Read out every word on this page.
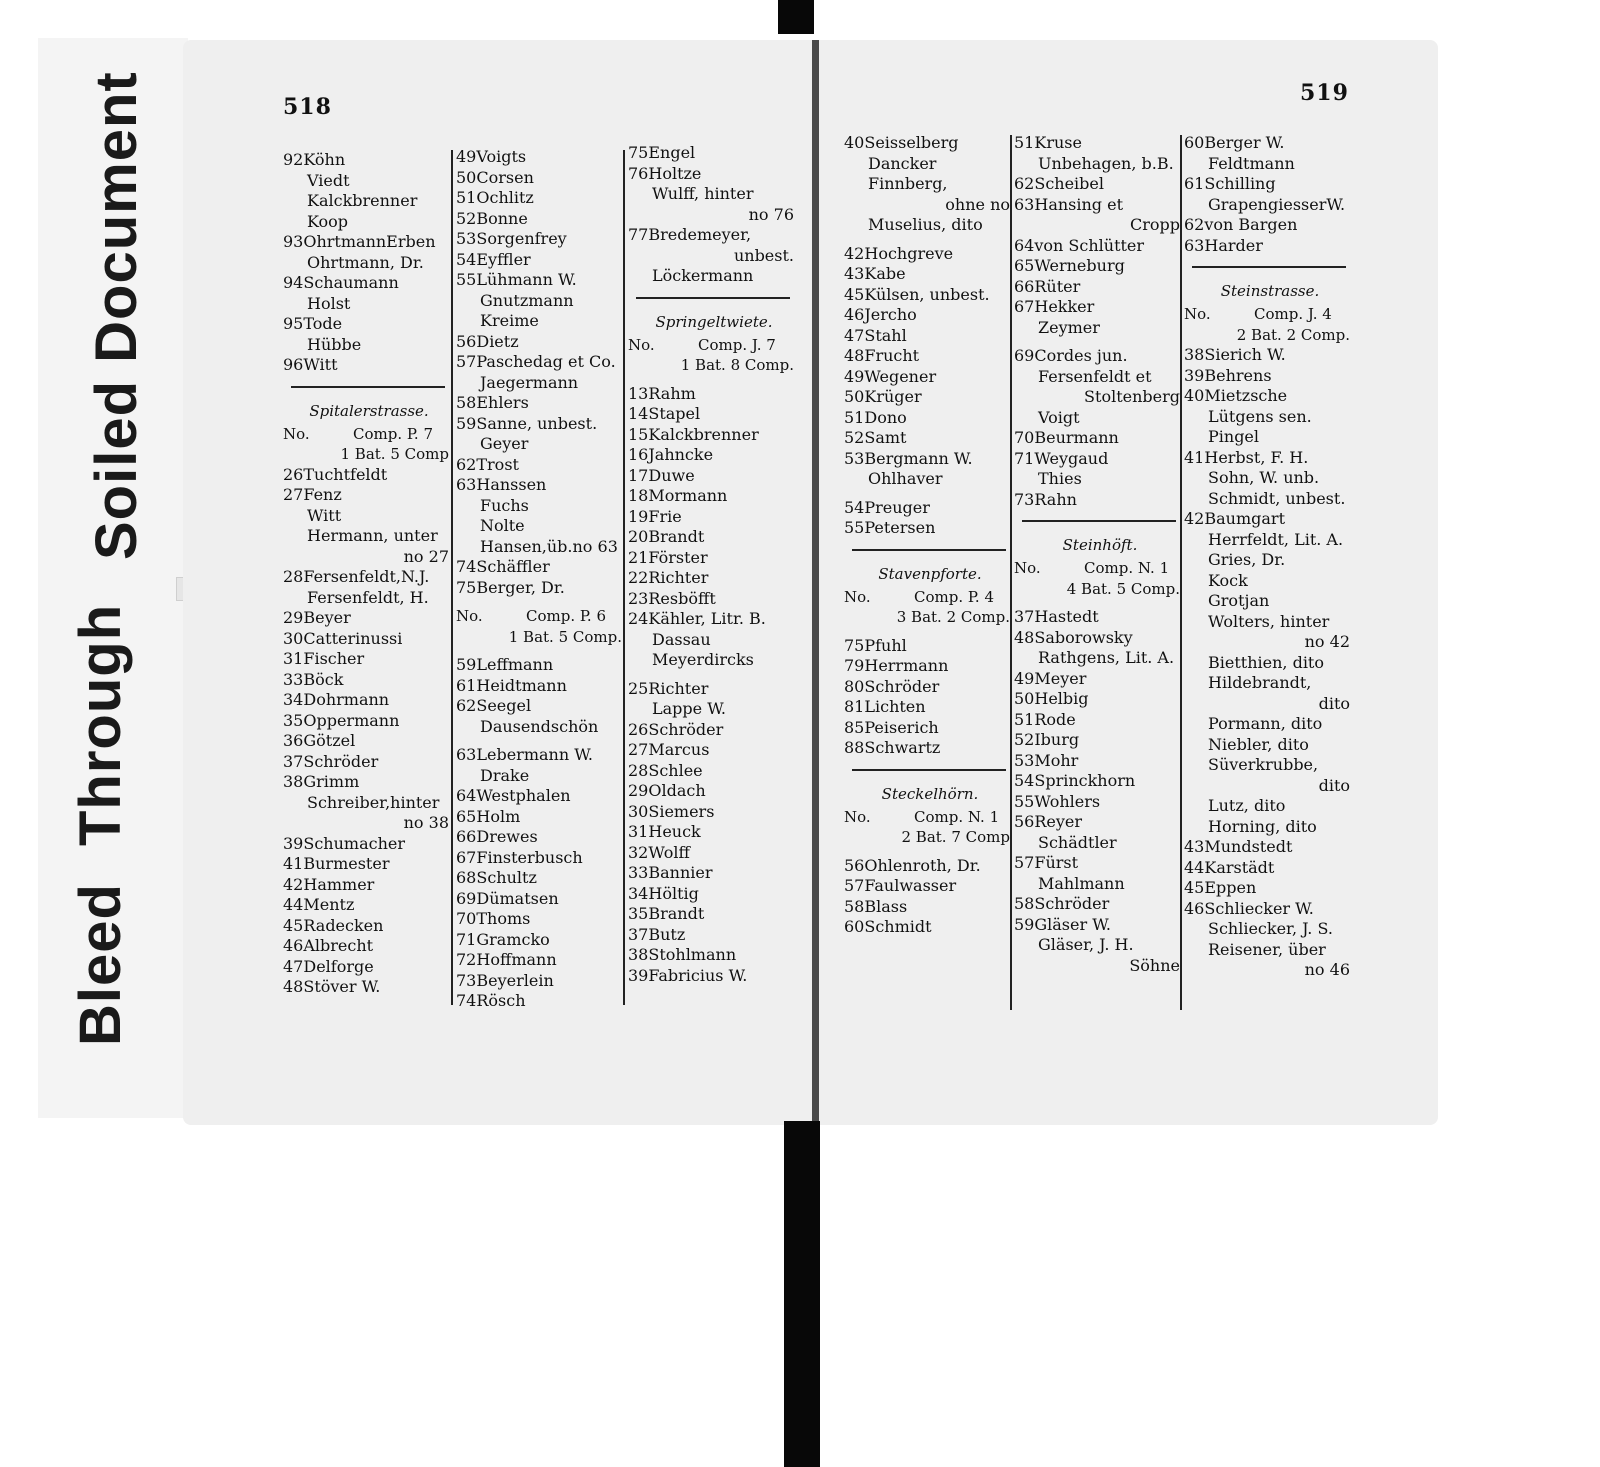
Bleed
Through
Soiled Document	518
519
92Köhn
Viedt
Kalckbrenner
Koop
93OhrtmannErben
Ohrtmann, Dr.
94Schaumann
Holst
95Tode
Hübbe
96Witt
Spitalerstrasse.
No.	Comp. P. 7
1 Bat. 5 Comp
26Tuchtfeldt
27Fenz
Witt
Hermann, unter
no 27
28Fersenfeldt,N.J.
Fersenfeldt, H.
29Beyer
30Catterinussi
31Fischer
33Böck
34Dohrmann
35Oppermann
36Götzel
37Schröder
38Grimm
Schreiber,hinter
no 38
39Schumacher
41Burmester
42Hammer
44Mentz
45Radecken
46Albrecht
47Delforge
48Stöver W.
49Voigts
50Corsen
51Ochlitz
52Bonne
53Sorgenfrey
54Eyffler
55Lühmann W.
Gnutzmann
Kreime
56Dietz
57Paschedag et Co.
Jaegermann
58Ehlers
59Sanne, unbest.
Geyer
62Trost
63Hanssen
Fuchs
Nolte
Hansen,üb.no 63
74Schäffler
75Berger, Dr.
No.	Comp. P. 6
1 Bat. 5 Comp.
59Leffmann
61Heidtmann
62Seegel
Dausendschön
63Lebermann W.
Drake
64Westphalen
65Holm
66Drewes
67Finsterbusch
68Schultz
69Dümatsen
70Thoms
71Gramcko
72Hoffmann
73Beyerlein
74Rösch
75Engel
76Holtze
Wulff, hinter
no 76
77Bredemeyer,
unbest.
Löckermann
Springeltwiete.
No.	Comp. J. 7
1 Bat. 8 Comp.
13Rahm
14Stapel
15Kalckbrenner
16Jahncke
17Duwe
18Mormann
19Frie
20Brandt
21Förster
22Richter
23Resböfft
24Kähler, Litr. B.
Dassau
Meyerdircks
25Richter
Lappe W.
26Schröder
27Marcus
28Schlee
29Oldach
30Siemers
31Heuck
32Wolff
33Bannier
34Höltig
35Brandt
37Butz
38Stohlmann
39Fabricius W.
40Seisselberg
Dancker
Finnberg,
ohne no
Muselius, dito
42Hochgreve
43Kabe
45Külsen, unbest.
46Jercho
47Stahl
48Frucht
49Wegener
50Krüger
51Dono
52Samt
53Bergmann W.
Ohlhaver
54Preuger
55Petersen
Stavenpforte.
No.	Comp. P. 4
3 Bat. 2 Comp.
75Pfuhl
79Herrmann
80Schröder
81Lichten
85Peiserich
88Schwartz
Steckelhörn.
No.	Comp. N. 1
2 Bat. 7 Comp
56Ohlenroth, Dr.
57Faulwasser
58Blass
60Schmidt
51Kruse
Unbehagen, b.B.
62Scheibel
63Hansing et
Cropp
64von Schlütter
65Werneburg
66Rüter
67Hekker
Zeymer
69Cordes jun.
Fersenfeldt et
Stoltenberg
Voigt
70Beurmann
71Weygaud
Thies
73Rahn
Steinhöft.
No.	Comp. N. 1
4 Bat. 5 Comp.
37Hastedt
48Saborowsky
Rathgens, Lit. A.
49Meyer
50Helbig
51Rode
52Iburg
53Mohr
54Sprinckhorn
55Wohlers
56Reyer
Schädtler
57Fürst
Mahlmann
58Schröder
59Gläser W.
Gläser, J. H.
Söhne
60Berger W.
Feldtmann
61Schilling
GrapengiesserW.
62von Bargen
63Harder
Steinstrasse.
No.	Comp. J. 4
2 Bat. 2 Comp.
38Sierich W.
39Behrens
40Mietzsche
Lütgens sen.
Pingel
41Herbst, F. H.
Sohn, W. unb.
Schmidt, unbest.
42Baumgart
Herrfeldt, Lit. A.
Gries, Dr.
Kock
Grotjan
Wolters, hinter
no 42
Bietthien, dito
Hildebrandt,
dito
Pormann, dito
Niebler, dito
Süverkrubbe,
dito
Lutz, dito
Horning, dito
43Mundstedt
44Karstädt
45Eppen
46Schliecker W.
Schliecker, J. S.
Reisener, über
no 46
